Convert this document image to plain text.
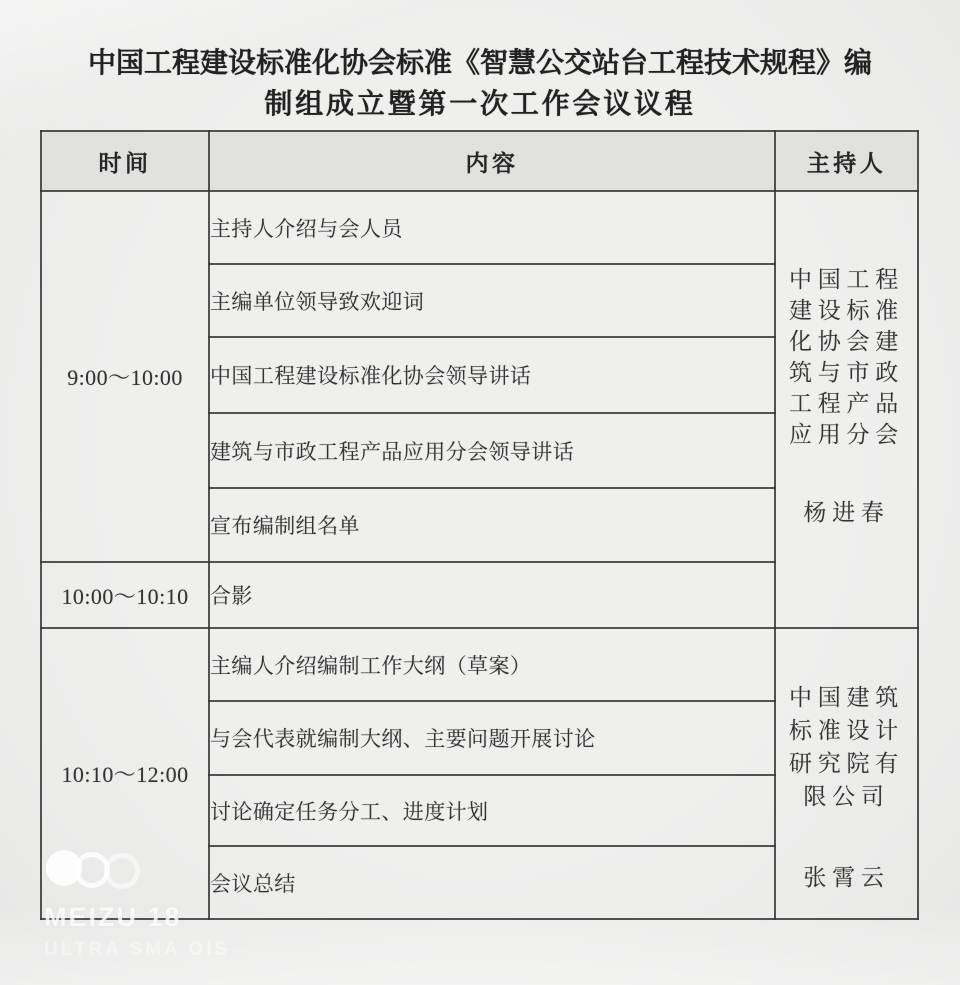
中国工程建设标准化协会标准《智慧公交站台工程技术规程》编
制组成立暨第一次工作会议议程
时间	内容	主持人
9:00～10:00	主持人介绍与会人员	中国工程建设标准化协会建筑与市政工程产品应用分会
杨进春

	主编单位领导致欢迎词	
	中国工程建设标准化协会领导讲话	
	建筑与市政工程产品应用分会领导讲话	
	宣布编制组名单	
10:00～10:10	合影	
10:10～12:00	主编人介绍编制工作大纲（草案）	中国建筑标准设计研究院有限公司
张霄云

	与会代表就编制大纲、主要问题开展讨论	
	讨论确定任务分工、进度计划	
	会议总结	
MEIZU 18
ULTRA SMA OIS
